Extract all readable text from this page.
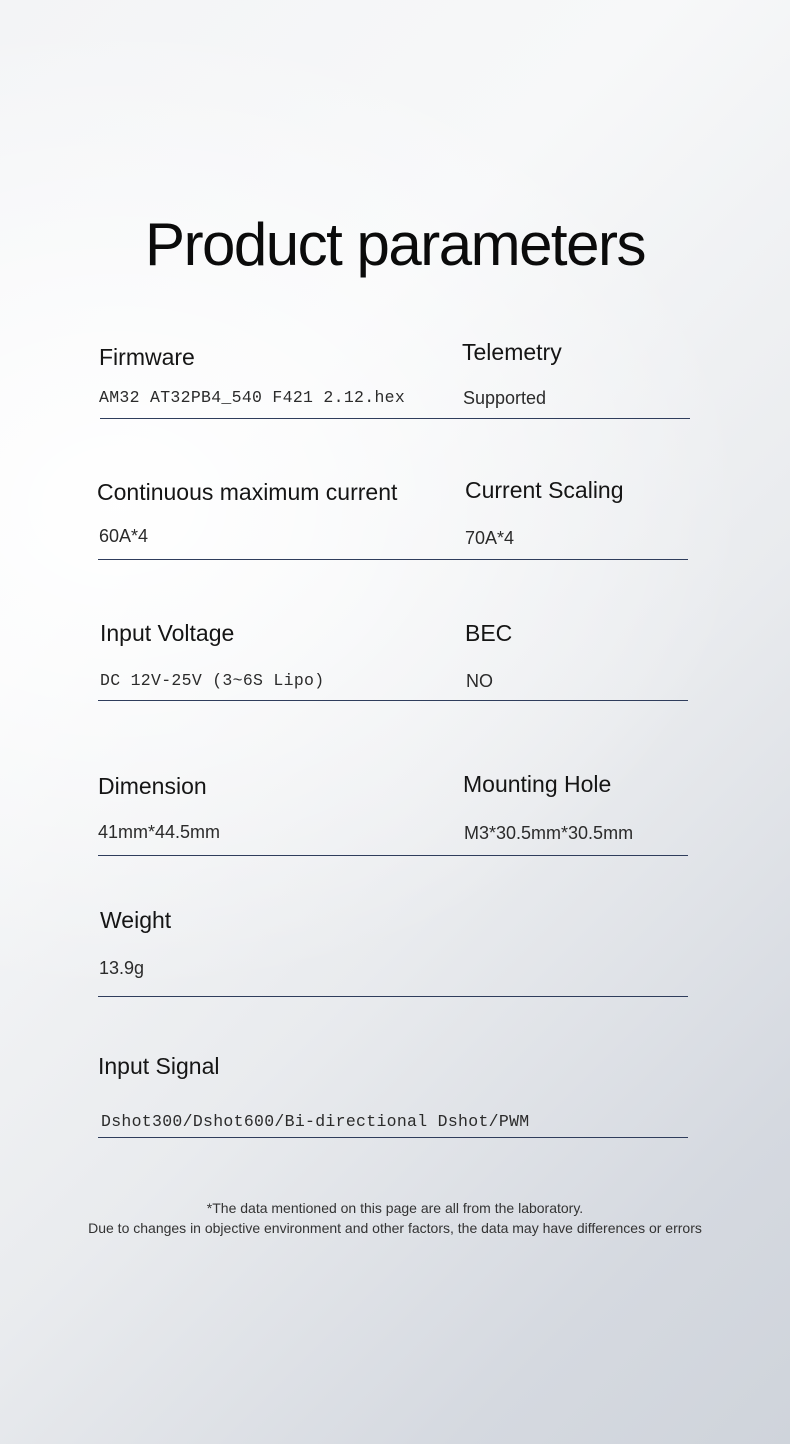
Product parameters
Firmware
AM32 AT32PB4_540 F421 2.12.hex
Telemetry
Supported
Continuous maximum current
60A*4
Current Scaling
70A*4
Input Voltage
DC 12V-25V (3~6S Lipo)
BEC
NO
Dimension
41mm*44.5mm
Mounting Hole
M3*30.5mm*30.5mm
Weight
13.9g
Input Signal
Dshot300/Dshot600/Bi-directional Dshot/PWM
*The data mentioned on this page are all from the laboratory.
Due to changes in objective environment and other factors, the data may have differences or errors
